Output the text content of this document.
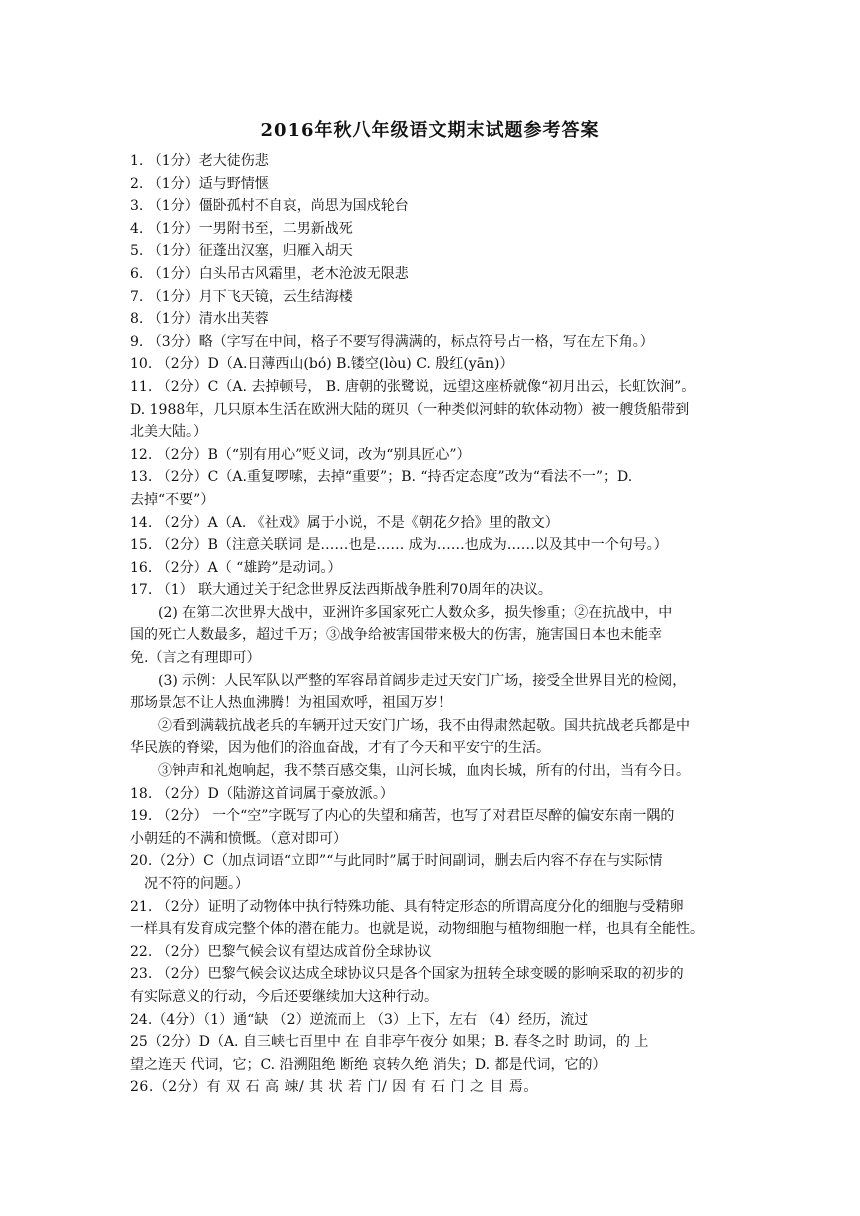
2016年秋八年级语文期末试题参考答案
1. （1分）老大徒伤悲
2. （1分）适与野情惬
3. （1分）僵卧孤村不自哀，尚思为国戍轮台
4. （1分）一男附书至，二男新战死
5. （1分）征蓬出汉塞，归雁入胡天
6. （1分）白头吊古风霜里，老木沧波无限悲
7. （1分）月下飞天镜，云生结海楼
8. （1分）清水出芙蓉
9. （3分）略（字写在中间，格子不要写得满满的，标点符号占一格，写在左下角。）
10. （2分）D（A.日薄西山(bó) B.镂空(lòu) C. 殷红(yān)）
11. （2分）C（A. 去掉顿号， B. 唐朝的张鹭说，远望这座桥就像“初月出云，长虹饮涧”。
D. 1988年，几只原本生活在欧洲大陆的斑贝（一种类似河蚌的软体动物）被一艘货船带到
北美大陆。）
12. （2分）B（“别有用心”贬义词，改为“别具匠心”）
13. （2分）C（A.重复啰嗦，去掉“重要”；B. “持否定态度”改为“看法不一”；D.
去掉“不要”）
14. （2分）A（A. 《社戏》属于小说，不是《朝花夕拾》里的散文）
15. （2分）B（注意关联词 是……也是…… 成为……也成为……以及其中一个句号。）
16. （2分）A（ “雄跨”是动词。）
17. （1） 联大通过关于纪念世界反法西斯战争胜利70周年的决议。
(2) 在第二次世界大战中，亚洲许多国家死亡人数众多，损失惨重；②在抗战中，中
国的死亡人数最多，超过千万；③战争给被害国带来极大的伤害，施害国日本也未能幸
免.（言之有理即可）
(3) 示例：人民军队以严整的军容昂首阔步走过天安门广场，接受全世界目光的检阅，
那场景怎不让人热血沸腾！为祖国欢呼，祖国万岁！
②看到满载抗战老兵的车辆开过天安门广场，我不由得肃然起敬。国共抗战老兵都是中
华民族的脊梁，因为他们的浴血奋战，才有了今天和平安宁的生活。
③钟声和礼炮响起，我不禁百感交集，山河长城，血肉长城，所有的付出，当有今日。
18. （2分）D（陆游这首词属于豪放派。）
19. （2分） 一个“空”字既写了内心的失望和痛苦，也写了对君臣尽醉的偏安东南一隅的
小朝廷的不满和愤慨。（意对即可）
20.（2分）C（加点词语“立即”“与此同时”属于时间副词，删去后内容不存在与实际情
况不符的问题。）
21. （2分）证明了动物体中执行特殊功能、具有特定形态的所谓高度分化的细胞与受精卵
一样具有发育成完整个体的潜在能力。也就是说，动物细胞与植物细胞一样，也具有全能性。
22. （2分）巴黎气候会议有望达成首份全球协议
23. （2分）巴黎气候会议达成全球协议只是各个国家为扭转全球变暖的影响采取的初步的
有实际意义的行动，今后还要继续加大这种行动。
24.（4分）（1）通“缺 （2）逆流而上 （3）上下，左右 （4）经历，流过
25（2分）D（A. 自三峡七百里中 在 自非亭午夜分 如果；B. 春冬之时 助词，的 上
望之连天 代词，它；C. 沿溯阻绝 断绝 哀转久绝 消失；D. 都是代词，它的）
26.（2分）有 双 石 高 竦/ 其 状 若 门/ 因 有 石 门 之 目 焉。
